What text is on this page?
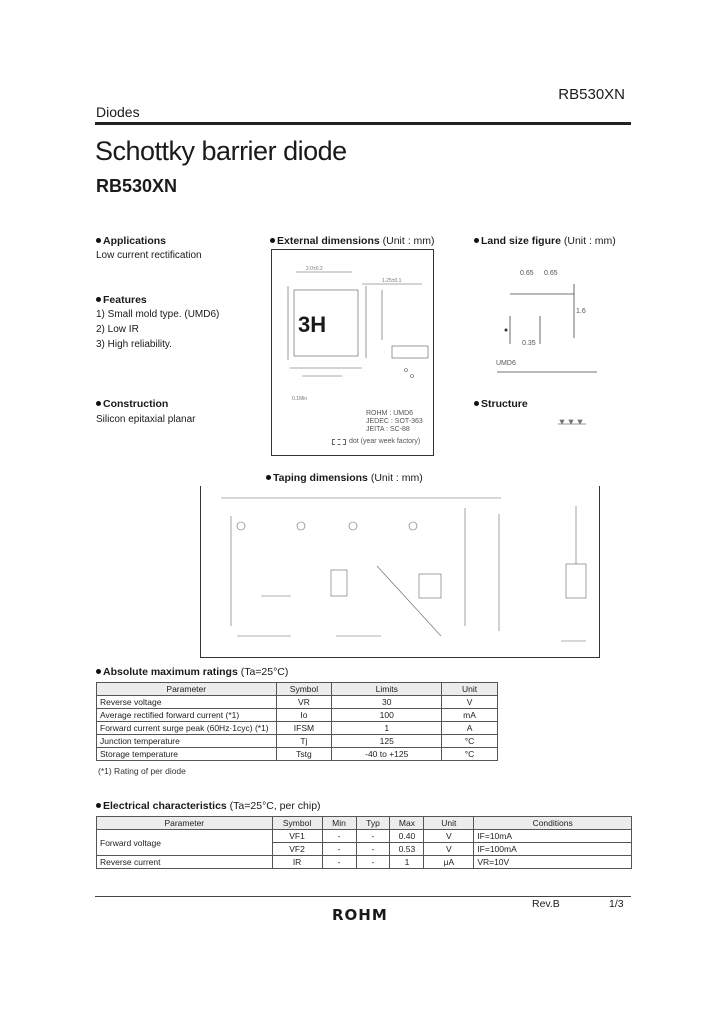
RB530XN
Diodes
Schottky barrier diode
RB530XN
Applications
Low current rectification
Features
1) Small mold type. (UMD6)
2) Low IR
3) High reliability.
Construction
Silicon epitaxial planar
External dimensions (Unit : mm)
2.0±0.2
1.25±0.1
0.1Min
3H
ROHM : UMD6
JEDEC : SOT-363
JEITA : SC-88
dot (year week factory)
Land size figure (Unit : mm)
0.65 0.65
1.6
0.35
UMD6
Structure
Taping dimensions (Unit : mm)
Absolute maximum ratings (Ta=25°C)
Parameter	Symbol	Limits	Unit
Reverse voltage	VR	30	V
Average rectified forward current (*1)	Io	100	mA
Forward current surge peak (60Hz·1cyc) (*1)	IFSM	1	A
Junction temperature	Tj	125	°C
Storage temperature	Tstg	-40 to +125	°C
(*1) Rating of per diode
Electrical characteristics (Ta=25°C, per chip)
Parameter	Symbol	Min	Typ	Max	Unit	Conditions
Forward voltage	VF1	-	-	0.40	V	IF=10mA
	VF2	-	-	0.53	V	IF=100mA
Reverse current	IR	-	-	1	μA	VR=10V
ROHM
Rev.B	1/3
